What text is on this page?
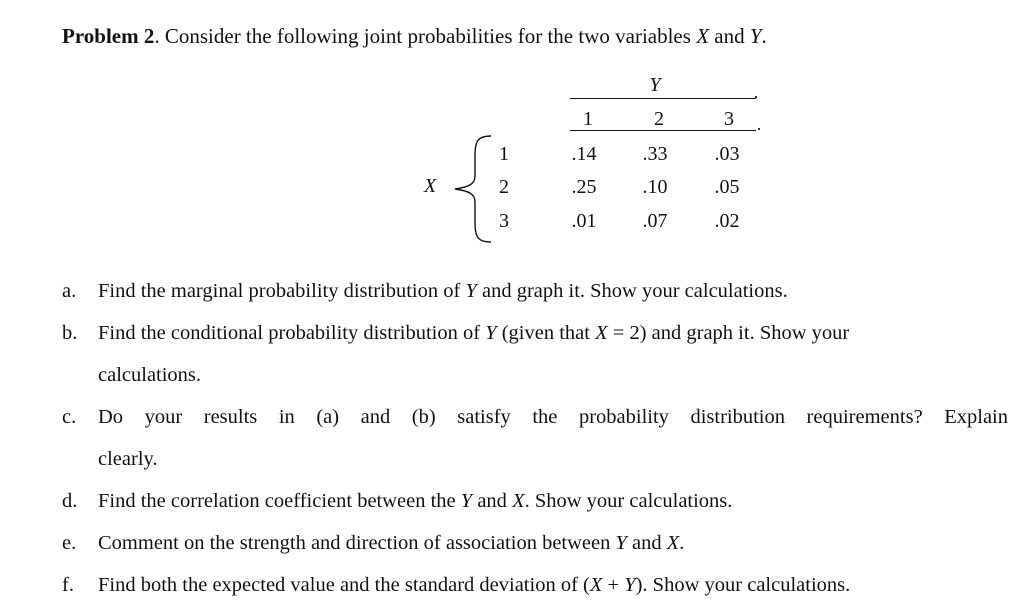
Problem 2. Consider the following joint probabilities for the two variables X and Y.
Y
1	2	3
X
1
2
3
.14 .33 .03
.25 .10 .05
.01 .07 .02
a. Find the marginal probability distribution of Y and graph it. Show your calculations.
b. Find the conditional probability distribution of Y (given that X = 2) and graph it. Show your
calculations.
c. Do your results in (a) and (b) satisfy the probability distribution requirements? Explain
clearly.
d. Find the correlation coefficient between the Y and X. Show your calculations.
e. Comment on the strength and direction of association between Y and X.
f. Find both the expected value and the standard deviation of (X + Y). Show your calculations.
